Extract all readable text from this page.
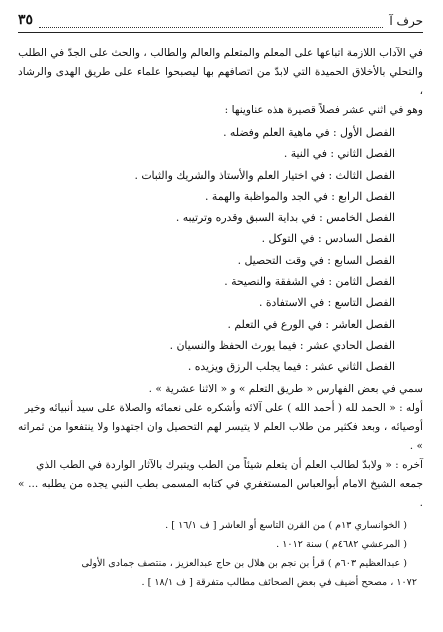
حرف آ
٣٥

في الآداب اللازمة اتباعها على المعلم والمتعلم والعالم والطالب ، والحث على الجدّ في الطلب

والتحلي بالأخلاق الحميدة التي لابدّ من اتصافهم بها ليصبحوا علماء على طريق الهدى والرشاد ،

وهو في اثني عشر فصلاً قصيرة هذه عناوينها :

الفصل الأول : في ماهية العلم وفضله .
الفصل الثاني : في النية .
الفصل الثالث : في اختيار العلم والأستاذ والشريك والثبات .
الفصل الرابع : في الجد والمواظبة والهمة .
الفصل الخامس : في بداية السبق وقدره وترتيبه .
الفصل السادس : في التوكل .
الفصل السابع : في وقت التحصيل .
الفصل الثامن : في الشفقة والنصيحة .
الفصل التاسع : في الاستفادة .
الفصل العاشر : في الورع في التعلم .
الفصل الحادي عشر : فيما يورث الحفظ والنسيان .
الفصل الثاني عشر : فيما يجلب الرزق ويزيده .

سمي في بعض الفهارس « طريق التعلم » و « الاثنا عشرية » .

أوله : « الحمد لله ( أحمد الله ) على آلائه وأشكره على نعمائه والصلاة على سيد أنبيائه وخير

أوصيائه ، وبعد فكثير من طلاب العلم لا يتيسر لهم التحصيل وان اجتهدوا ولا ينتفعوا من ثمراته » .

آخره : « ولابدّ لطالب العلم أن يتعلم شيئاً من الطب ويتبرك بالآثار الواردة في الطب الذي

جمعه الشيخ الامام أبوالعباس المستغفري في كتابه المسمى بطب النبي يجده من يطلبه ... » .

( الخوانساري ١٣م ) من القرن التاسع أو العاشر [ ف ١٦/١ ] .

( المرعشي ٤٦٨٢م ) سنة ١٠١٢ .

( عبدالعظيم ٦٠٣م ) قرأ بن نجم بن هلال بن حاج عبدالعزيز ، منتصف جمادى الأولى

١٠٧٢ ، مصحح أضيف في بعض الصحائف مطالب متفرقة [ ف ١٨/١ ] .
